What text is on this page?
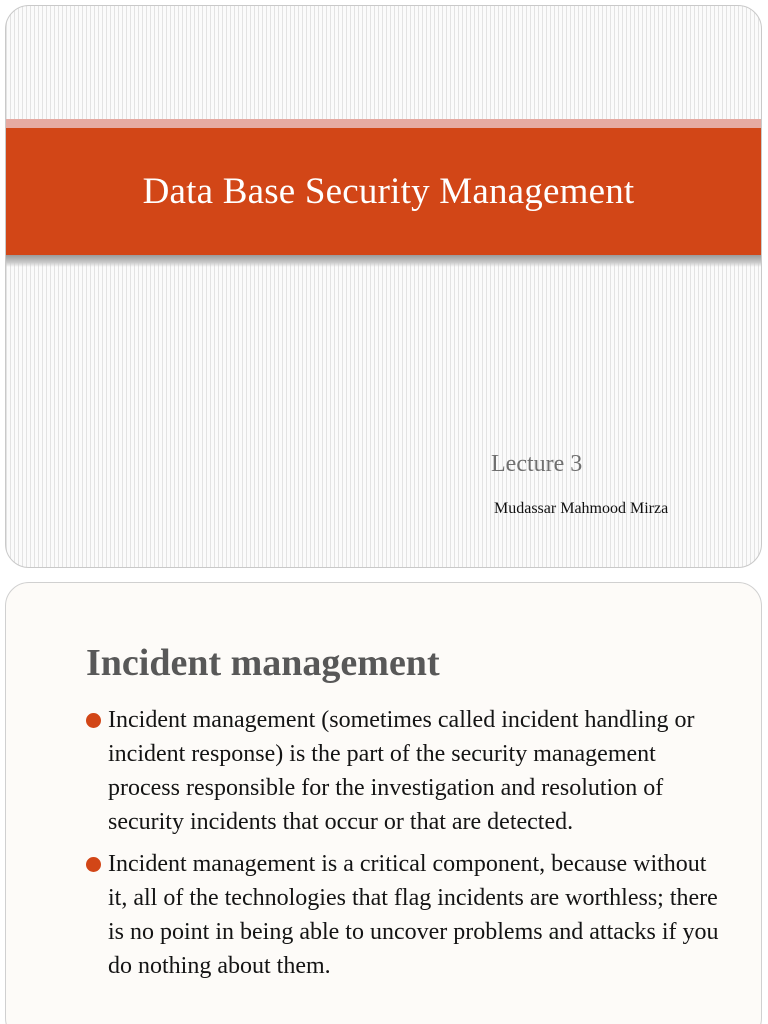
Data Base Security Management
Lecture 3
Mudassar Mahmood Mirza
Incident management
Incident management (sometimes called incident handling or incident response) is the part of the security management process responsible for the investigation and resolution of security incidents that occur or that are detected.
Incident management is a critical component, because without it, all of the technologies that flag incidents are worthless; there is no point in being able to uncover problems and attacks if you do nothing about them.
